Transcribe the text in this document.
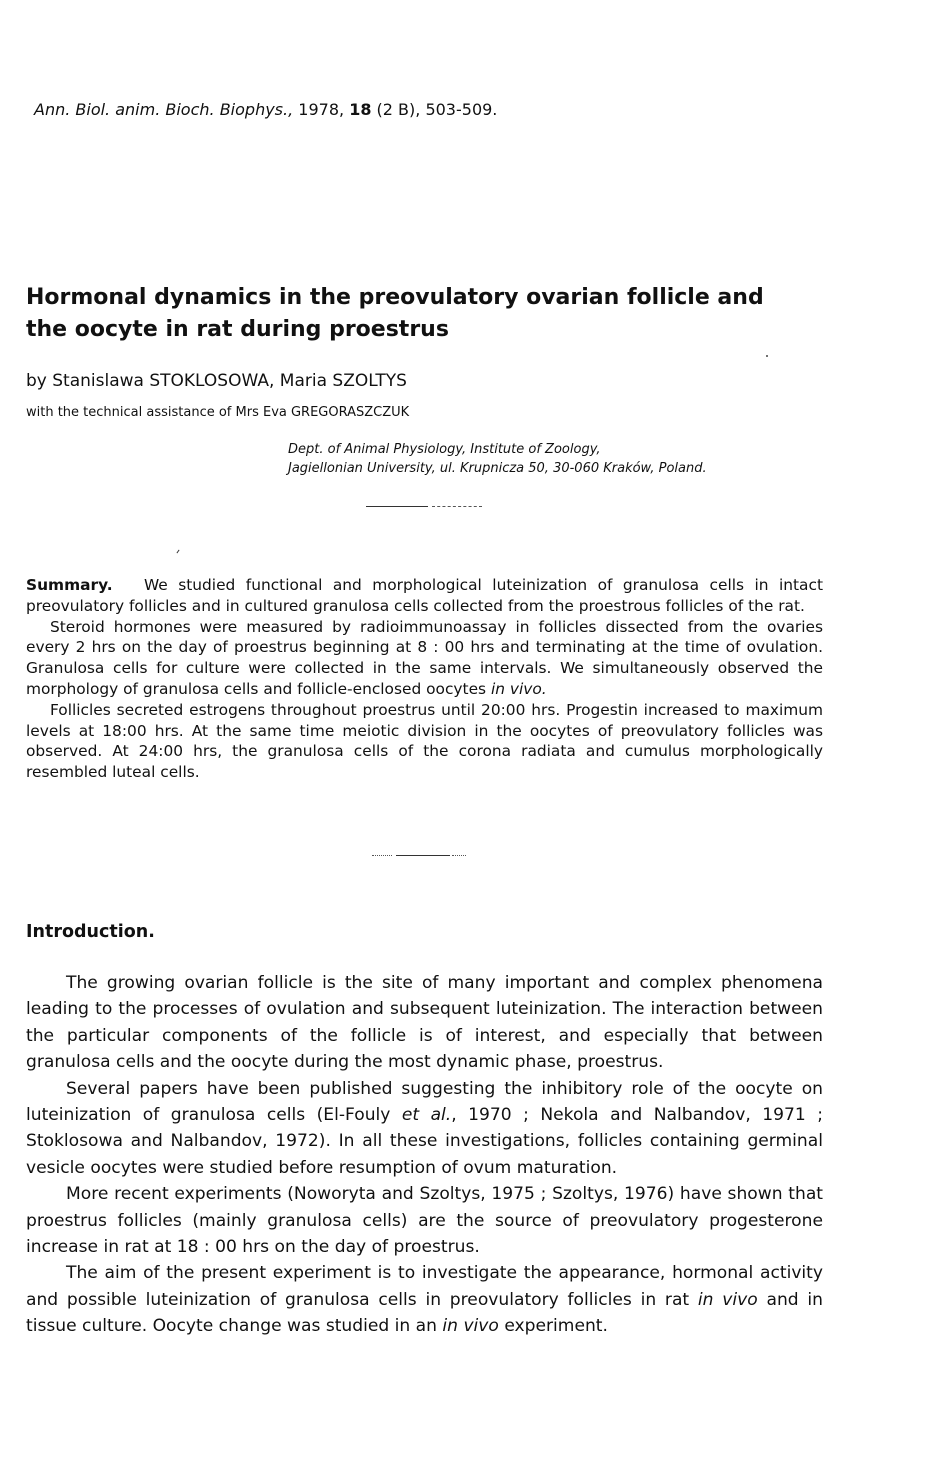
Ann. Biol. anim. Bioch. Biophys., 1978, 18 (2 B), 503-509.
Hormonal dynamics in the preovulatory ovarian follicle and the oocyte in rat during proestrus
by Stanislawa STOKLOSOWA, Maria SZOLTYS
with the technical assistance of Mrs Eva GREGORASZCZUK
Dept. of Animal Physiology, Institute of Zoology,
Jagiellonian University, ul. Krupnicza 50, 30-060 Kraków, Poland.

Summary. We studied functional and morphological luteinization of granulosa cells in intact preovulatory follicles and in cultured granulosa cells collected from the proestrous follicles of the rat.

Steroid hormones were measured by radioimmunoassay in follicles dissected from the ovaries every 2 hrs on the day of proestrus beginning at 8 : 00 hrs and terminating at the time of ovulation. Granulosa cells for culture were collected in the same intervals. We simultaneously observed the morphology of granulosa cells and follicle-enclosed oocytes in vivo.

Follicles secreted estrogens throughout proestrus until 20:00 hrs. Progestin increased to maximum levels at 18:00 hrs. At the same time meiotic division in the oocytes of preovulatory follicles was observed. At 24:00 hrs, the granulosa cells of the corona radiata and cumulus morphologically resembled luteal cells.

Introduction.

The growing ovarian follicle is the site of many important and complex phenomena leading to the processes of ovulation and subsequent luteinization. The interaction between the particular components of the follicle is of interest, and especially that between granulosa cells and the oocyte during the most dynamic phase, proestrus.

Several papers have been published suggesting the inhibitory role of the oocyte on luteinization of granulosa cells (El-Fouly et al., 1970 ; Nekola and Nalbandov, 1971 ; Stoklosowa and Nalbandov, 1972). In all these investigations, follicles containing germinal vesicle oocytes were studied before resumption of ovum maturation.

More recent experiments (Noworyta and Szoltys, 1975 ; Szoltys, 1976) have shown that proestrus follicles (mainly granulosa cells) are the source of preovulatory progesterone increase in rat at 18 : 00 hrs on the day of proestrus.

The aim of the present experiment is to investigate the appearance, hormonal activity and possible luteinization of granulosa cells in preovulatory follicles in rat in vivo and in tissue culture. Oocyte change was studied in an in vivo experiment.
